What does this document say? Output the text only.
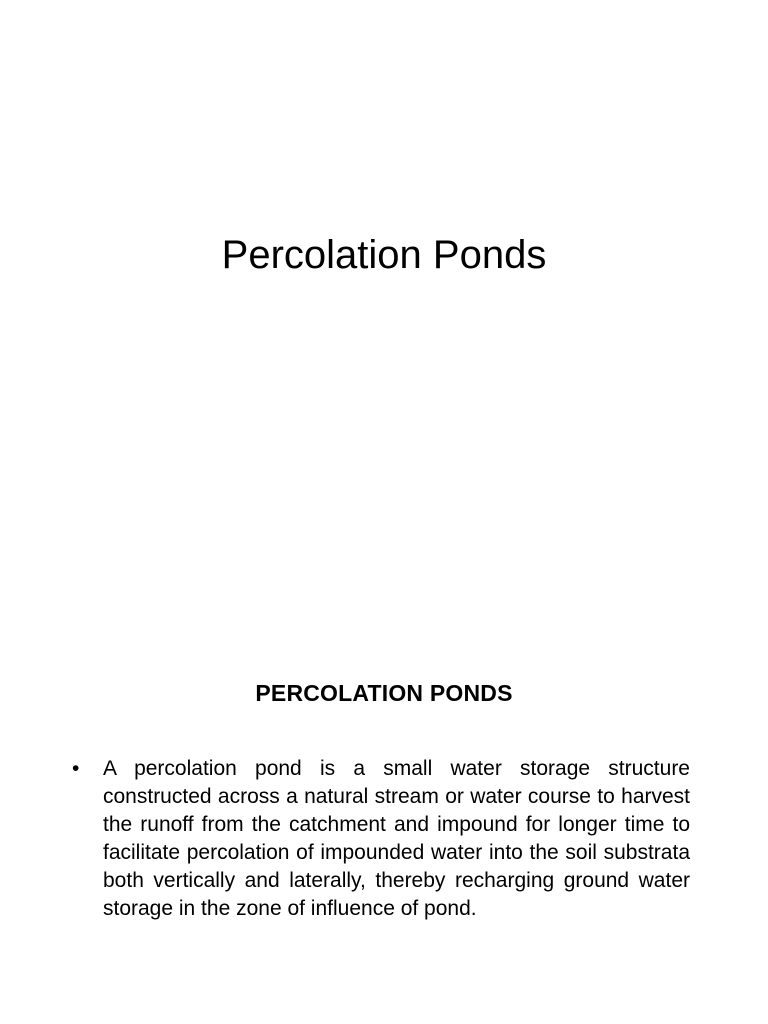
Percolation Ponds
PERCOLATION PONDS
•	A percolation pond is a small water storage structure constructed across a natural stream or water course to harvest the runoff from the catchment and impound for longer time to facilitate percolation of impounded water into the soil substrata both vertically and laterally, thereby recharging ground water storage in the zone of influence of pond.
